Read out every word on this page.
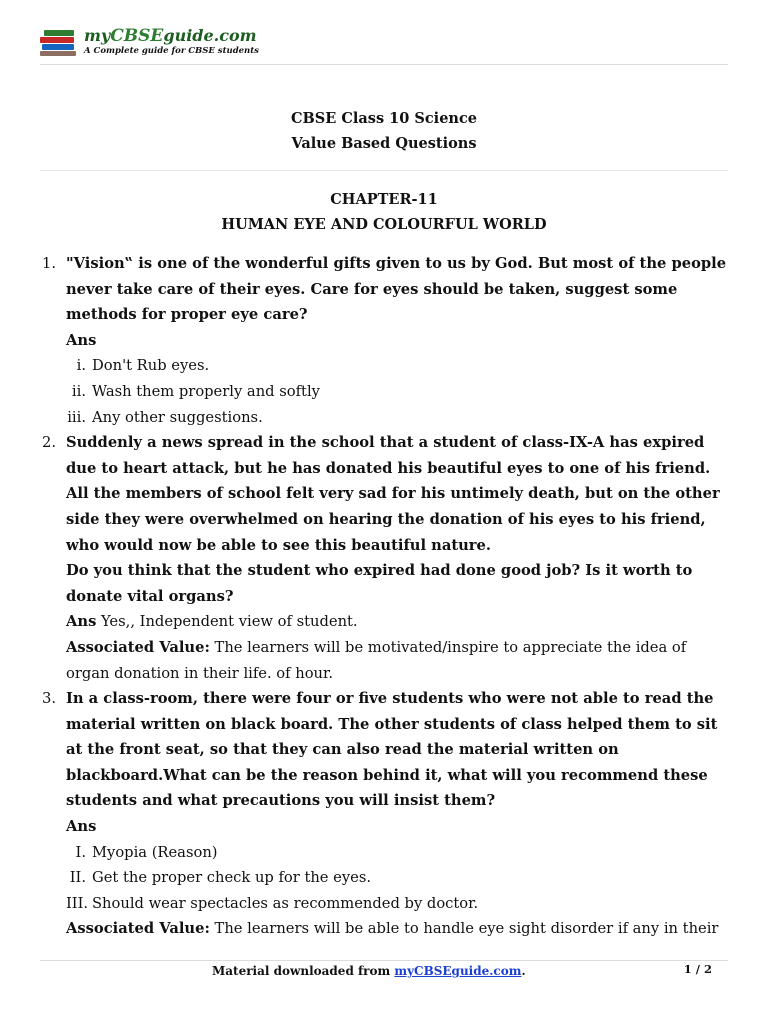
myCBSEguide.com
A Complete guide for CBSE students
CBSE Class 10 Science
Value Based Questions
CHAPTER-11
HUMAN EYE AND COLOURFUL WORLD
1. "Vision‟ is one of the wonderful gifts given to us by God. But most of the people never take care of their eyes. Care for eyes should be taken, suggest some methods for proper eye care?
Ans
i. Don't Rub eyes.
ii. Wash them properly and softly
iii. Any other suggestions.
2. Suddenly a news spread in the school that a student of class-IX-A has expired due to heart attack, but he has donated his beautiful eyes to one of his friend. All the members of school felt very sad for his untimely death, but on the other side they were overwhelmed on hearing the donation of his eyes to his friend, who would now be able to see this beautiful nature.
Do you think that the student who expired had done good job? Is it worth to donate vital organs?
Ans Yes,, Independent view of student.
Associated Value: The learners will be motivated/inspire to appreciate the idea of organ donation in their life. of hour.
3. In a class-room, there were four or five students who were not able to read the material written on black board. The other students of class helped them to sit at the front seat, so that they can also read the material written on blackboard.What can be the reason behind it, what will you recommend these students and what precautions you will insist them?
Ans
I. Myopia (Reason)
II. Get the proper check up for the eyes.
III. Should wear spectacles as recommended by doctor.
Associated Value: The learners will be able to handle eye sight disorder if any in their
Material downloaded from myCBSEguide.com.	1 / 2
